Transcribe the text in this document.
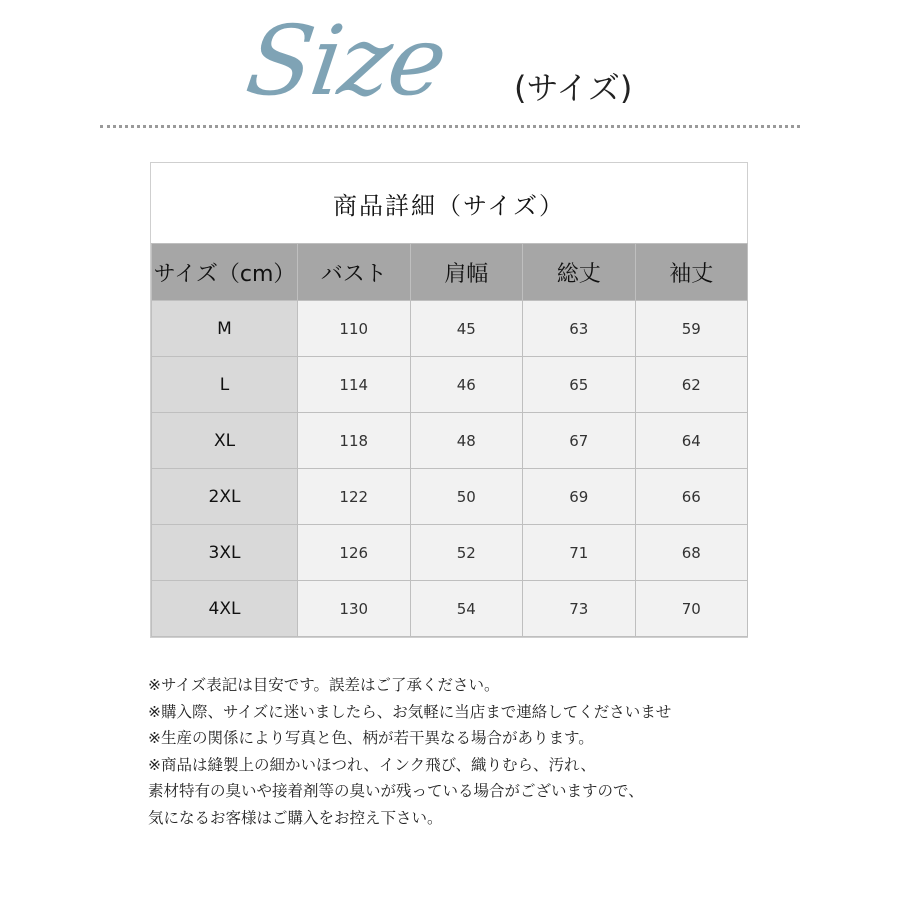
Size (サイズ)
商品詳細（サイズ）
サイズ（cm）	バスト	肩幅	総丈	袖丈
M	110	45	63	59
L	114	46	65	62
XL	118	48	67	64
2XL	122	50	69	66
3XL	126	52	71	68
4XL	130	54	73	70
※サイズ表記は目安です。誤差はご了承ください。
※購入際、サイズに迷いましたら、お気軽に当店まで連絡してくださいませ
※生産の関係により写真と色、柄が若干異なる場合があります。
※商品は縫製上の細かいほつれ、インク飛び、織りむら、汚れ、
素材特有の臭いや接着剤等の臭いが残っている場合がございますので、
気になるお客様はご購入をお控え下さい。
